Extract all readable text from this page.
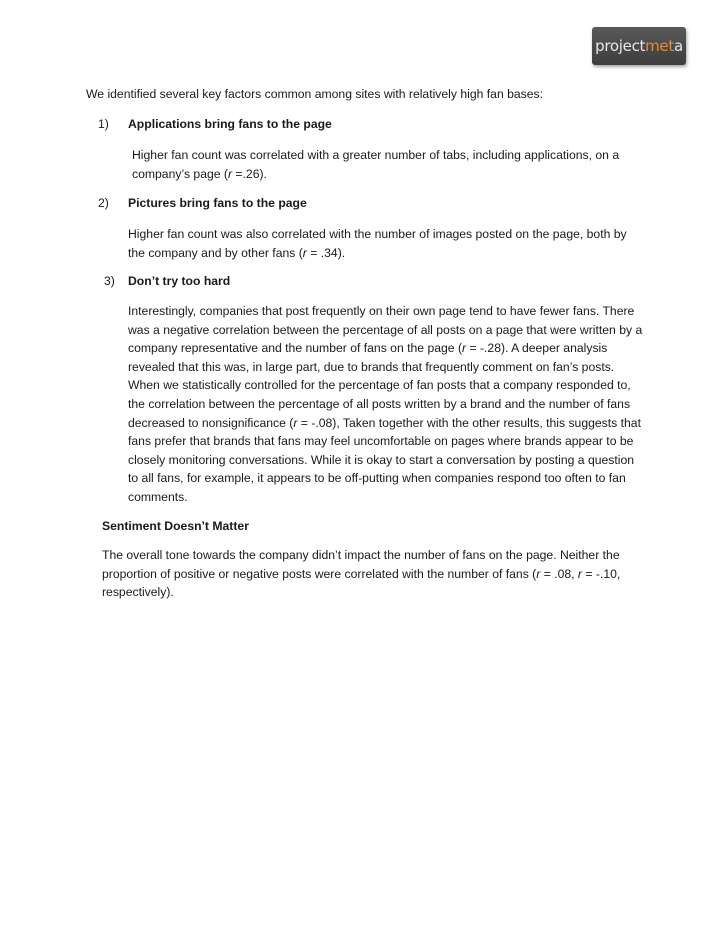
projectmeta
We identified several key factors common among sites with relatively high fan bases:
1) Applications bring fans to the page
Higher fan count was correlated with a greater number of tabs, including applications, on a company’s page (r =.26).
2) Pictures bring fans to the page
Higher fan count was also correlated with the number of images posted on the page, both by the company and by other fans (r = .34).
3) Don’t try too hard
Interestingly, companies that post frequently on their own page tend to have fewer fans. There was a negative correlation between the percentage of all posts on a page that were written by a company representative and the number of fans on the page (r = -.28). A deeper analysis revealed that this was, in large part, due to brands that frequently comment on fan’s posts. When we statistically controlled for the percentage of fan posts that a company responded to, the correlation between the percentage of all posts written by a brand and the number of fans decreased to nonsignificance (r = -.08), Taken together with the other results, this suggests that fans prefer that brands that fans may feel uncomfortable on pages where brands appear to be closely monitoring conversations. While it is okay to start a conversation by posting a question to all fans, for example, it appears to be off-putting when companies respond too often to fan comments.
Sentiment Doesn’t Matter
The overall tone towards the company didn’t impact the number of fans on the page. Neither the proportion of positive or negative posts were correlated with the number of fans (r = .08, r = -.10, respectively).
